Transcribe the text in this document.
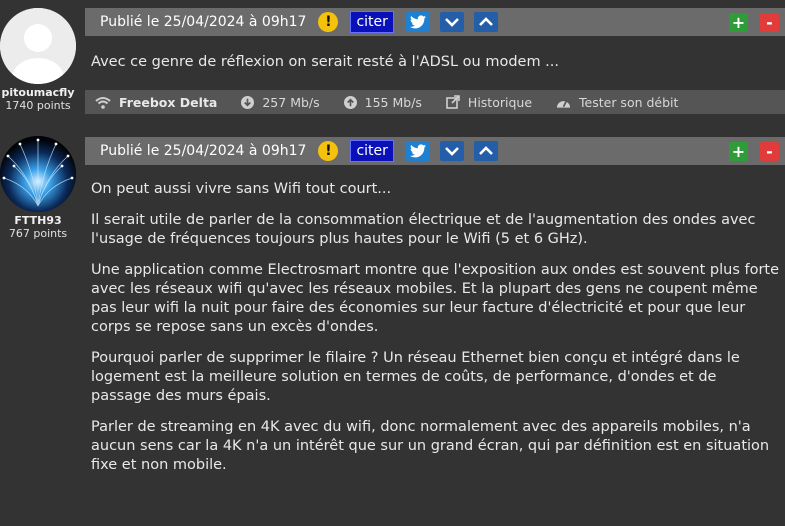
pitoumacfly
1740 points
Publié le 25/04/2024 à 09h17	!	citer	+	-

Avec ce genre de réflexion on serait resté à l'ADSL ou modem ...

Freebox Delta	257 Mb/s	155 Mb/s	Historique	Tester son débit
FTTH93
767 points
Publié le 25/04/2024 à 09h17	!	citer	+	-

On peut aussi vivre sans Wifi tout court...

Il serait utile de parler de la consommation électrique et de l'augmentation des ondes avec l'usage de fréquences toujours plus hautes pour le Wifi (5 et 6 GHz).

Une application comme Electrosmart montre que l'exposition aux ondes est souvent plus forte avec les réseaux wifi qu'avec les réseaux mobiles. Et la plupart des gens ne coupent même pas leur wifi la nuit pour faire des économies sur leur facture d'électricité et pour que leur corps se repose sans un excès d'ondes.

Pourquoi parler de supprimer le filaire ? Un réseau Ethernet bien conçu et intégré dans le logement est la meilleure solution en termes de coûts, de performance, d'ondes et de passage des murs épais.

Parler de streaming en 4K avec du wifi, donc normalement avec des appareils mobiles, n'a aucun sens car la 4K n'a un intérêt que sur un grand écran, qui par définition est en situation fixe et non mobile.
